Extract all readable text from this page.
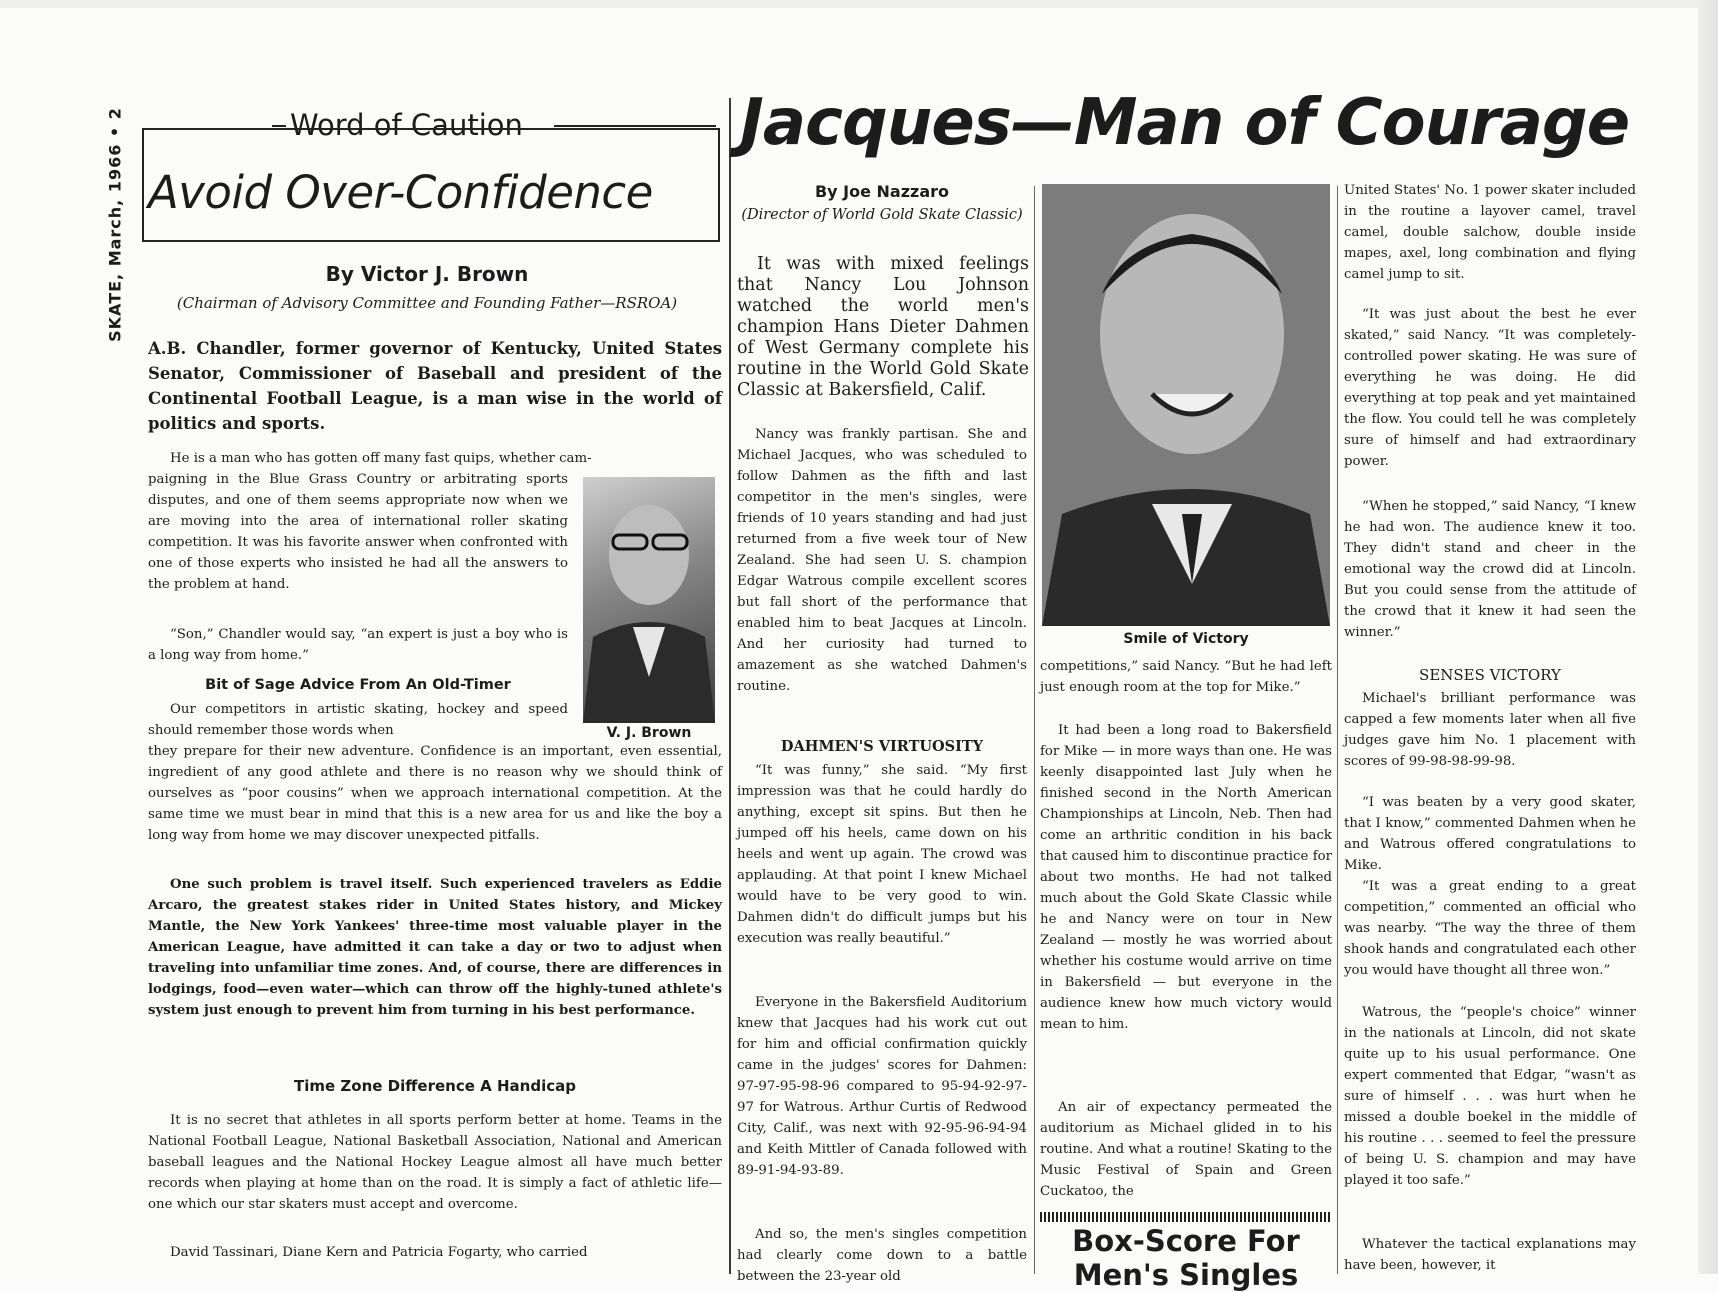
SKATE, March, 1966 • 2	Word of Caution
Avoid Over-Confidence
By Victor J. Brown
(Chairman of Advisory Committee and Founding Father—RSROA)
A.B. Chandler, former governor of Kentucky, United States Senator, Commissioner of Baseball and president of the Continental Football League, is a man wise in the world of politics and sports.
He is a man who has gotten off many fast quips, whether cam-
paigning in the Blue Grass Country or arbitrating sports disputes, and one of them seems appropriate now when we are moving into the area of international roller skating competition. It was his favorite answer when confronted with one of those experts who insisted he had all the answers to the problem at hand.
V. J. Brown
“Son,” Chandler would say, “an expert is just a boy who is a long way from home.”
Bit of Sage Advice From An Old-Timer
Our competitors in artistic skating, hockey and speed should remember those words when
they prepare for their new adventure. Confidence is an important, even essential, ingredient of any good athlete and there is no reason why we should think of ourselves as “poor cousins” when we approach international competition. At the same time we must bear in mind that this is a new area for us and like the boy a long way from home we may discover unexpected pitfalls.
One such problem is travel itself. Such experienced travelers as Eddie Arcaro, the greatest stakes rider in United States history, and Mickey Mantle, the New York Yankees' three-time most valuable player in the American League, have admitted it can take a day or two to adjust when traveling into unfamiliar time zones. And, of course, there are differences in lodgings, food—even water—which can throw off the highly-tuned athlete's system just enough to prevent him from turning in his best performance.
Time Zone Difference A Handicap
It is no secret that athletes in all sports perform better at home. Teams in the National Football League, National Basketball Association, National and American baseball leagues and the National Hockey League almost all have much better records when playing at home than on the road. It is simply a fact of athletic life—one which our star skaters must accept and overcome.
David Tassinari, Diane Kern and Patricia Fogarty, who carried
Jacques—Man of Courage
By Joe Nazzaro
(Director of World Gold Skate Classic)
It was with mixed feelings that Nancy Lou Johnson watched the world men's champion Hans Dieter Dahmen of West Germany complete his routine in the World Gold Skate Classic at Bakersfield, Calif.
Nancy was frankly partisan. She and Michael Jacques, who was scheduled to follow Dahmen as the fifth and last competitor in the men's singles, were friends of 10 years standing and had just returned from a five week tour of New Zealand. She had seen U. S. champion Edgar Watrous compile excellent scores but fall short of the performance that enabled him to beat Jacques at Lincoln. And her curiosity had turned to amazement as she watched Dahmen's routine.
DAHMEN'S VIRTUOSITY
“It was funny,” she said. “My first impression was that he could hardly do anything, except sit spins. But then he jumped off his heels, came down on his heels and went up again. The crowd was applauding. At that point I knew Michael would have to be very good to win. Dahmen didn't do difficult jumps but his execution was really beautiful.”
Everyone in the Bakersfield Auditorium knew that Jacques had his work cut out for him and official confirmation quickly came in the judges' scores for Dahmen: 97-97-95-98-96 compared to 95-94-92-97-97 for Watrous. Arthur Curtis of Redwood City, Calif., was next with 92-95-96-94-94 and Keith Mittler of Canada followed with 89-91-94-93-89.
And so, the men's singles competition had clearly come down to a battle between the 23-year old
Smile of Victory
competitions,” said Nancy. “But he had left just enough room at the top for Mike.”
It had been a long road to Bakersfield for Mike — in more ways than one. He was keenly disappointed last July when he finished second in the North American Championships at Lincoln, Neb. Then had come an arthritic condition in his back that caused him to discontinue practice for about two months. He had not talked much about the Gold Skate Classic while he and Nancy were on tour in New Zealand — mostly he was worried about whether his costume would arrive on time in Bakersfield — but everyone in the audience knew how much victory would mean to him.
An air of expectancy permeated the auditorium as Michael glided in to his routine. And what a routine! Skating to the Music Festival of Spain and Green Cuckatoo, the
Box-Score For Men's Singles
United States' No. 1 power skater included in the routine a layover camel, travel camel, double salchow, double inside mapes, axel, long combination and flying camel jump to sit.
“It was just about the best he ever skated,” said Nancy. “It was completely-controlled power skating. He was sure of everything he was doing. He did everything at top peak and yet maintained the flow. You could tell he was completely sure of himself and had extraordinary power.
“When he stopped,” said Nancy, “I knew he had won. The audience knew it too. They didn't stand and cheer in the emotional way the crowd did at Lincoln. But you could sense from the attitude of the crowd that it knew it had seen the winner.”
SENSES VICTORY
Michael's brilliant performance was capped a few moments later when all five judges gave him No. 1 placement with scores of 99-98-98-99-98.
“I was beaten by a very good skater, that I know,” commented Dahmen when he and Watrous offered congratulations to Mike.
“It was a great ending to a great competition,” commented an official who was nearby. “The way the three of them shook hands and congratulated each other you would have thought all three won.”
Watrous, the “people's choice” winner in the nationals at Lincoln, did not skate quite up to his usual performance. One expert commented that Edgar, “wasn't as sure of himself . . . was hurt when he missed a double boekel in the middle of his routine . . . seemed to feel the pressure of being U. S. champion and may have played it too safe.”
Whatever the tactical explanations may have been, however, it
